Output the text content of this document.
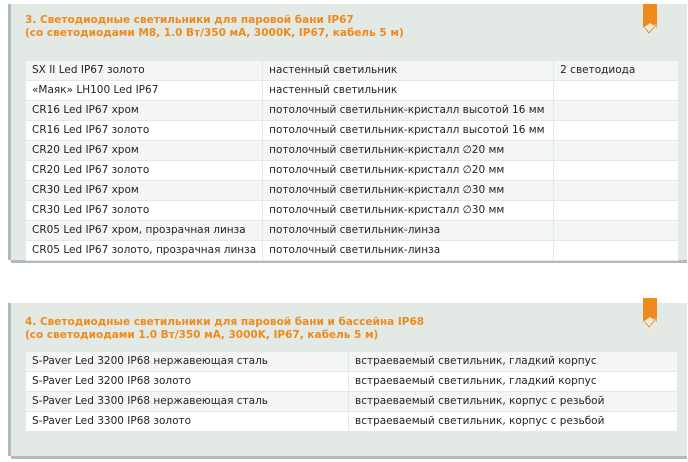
3. Светодиодные светильники для паровой бани IP67
(со светодиодами М8, 1.0 Вт/350 мА, 3000K, IP67, кабель 5 м)
SX II Led IP67 золото	настенный светильник	2 светодиода
«Маяк» LH100 Led IP67	настенный светильник	
CR16 Led IP67 хром	потолочный светильник-кристалл высотой 16 мм	
CR16 Led IP67 золото	потолочный светильник-кристалл высотой 16 мм	
CR20 Led IP67 хром	потолочный светильник-кристалл ∅20 мм	
CR20 Led IP67 золото	потолочный светильник-кристалл ∅20 мм	
CR30 Led IP67 хром	потолочный светильник-кристалл ∅30 мм	
CR30 Led IP67 золото	потолочный светильник-кристалл ∅30 мм	
CR05 Led IP67 хром, прозрачная линза	потолочный светильник-линза	
CR05 Led IP67 золото, прозрачная линза	потолочный светильник-линза	
4. Светодиодные светильники для паровой бани и бассейна IP68
(со светодиодами 1.0 Вт/350 мА, 3000K, IP67, кабель 5 м)
S-Paver Led 3200 IP68 нержавеющая сталь	встраеваемый светильник, гладкий корпус
S-Paver Led 3200 IP68 золото	встраеваемый светильник, гладкий корпус
S-Paver Led 3300 IP68 нержавеющая сталь	встраеваемый светильник, корпус с резьбой
S-Paver Led 3300 IP68 золото	встраеваемый светильник, корпус с резьбой
